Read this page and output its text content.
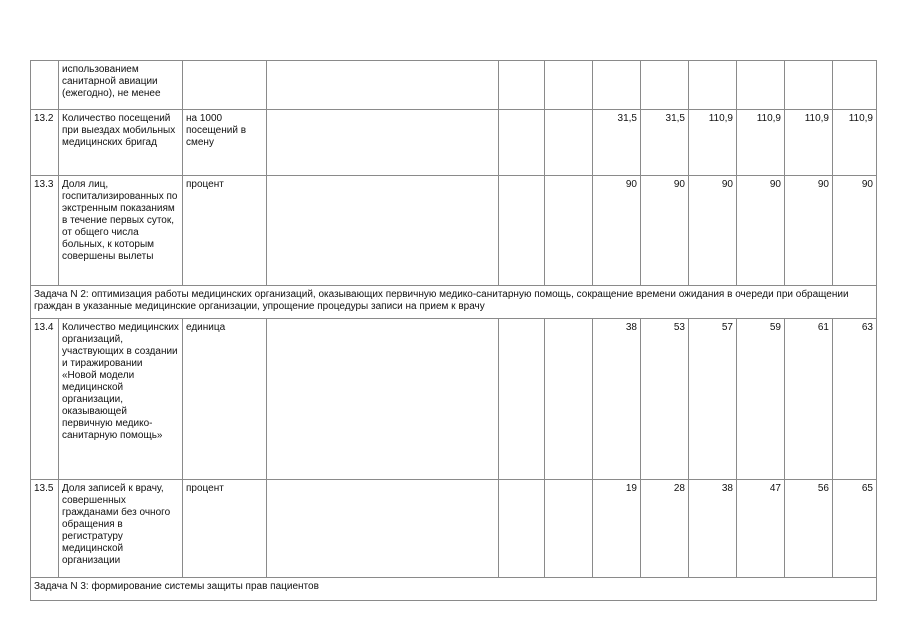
	использованием санитарной авиации (ежегодно), не менее										
13.2	Количество посещений при выездах мобильных медицинских бригад	на 1000 посещений в смену				31,5	31,5	110,9	110,9	110,9	110,9
13.3	Доля лиц, госпитализированных по экстренным показаниям в течение первых суток, от общего числа больных, к которым совершены вылеты	процент				90	90	90	90	90	90
Задача N 2: оптимизация работы медицинских организаций, оказывающих первичную медико-санитарную помощь, сокращение времени ожидания в очереди при обращении граждан в указанные медицинские организации, упрощение процедуры записи на прием к врачу											
13.4	Количество медицинских организаций, участвующих в создании и тиражировании «Новой модели медицинской организации, оказывающей первичную медико-санитарную помощь»	единица				38	53	57	59	61	63
13.5	Доля записей к врачу, совершенных гражданами без очного обращения в регистратуру медицинской организации	процент				19	28	38	47	56	65
Задача N 3: формирование системы защиты прав пациентов											
